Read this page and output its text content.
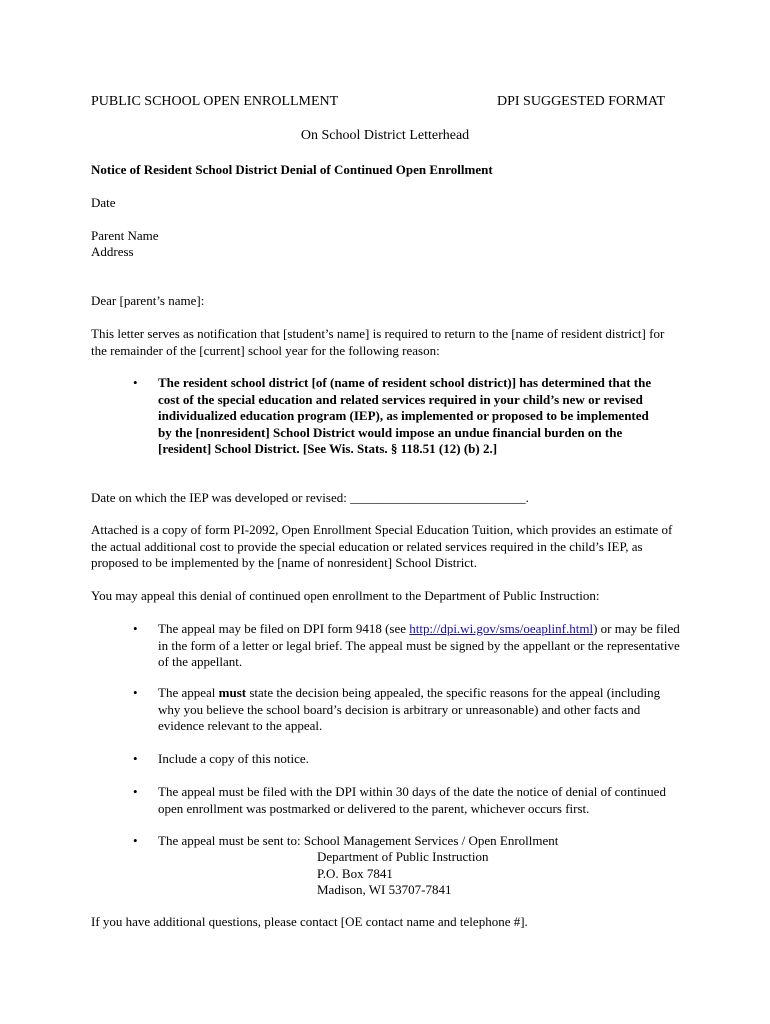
PUBLIC SCHOOL OPEN ENROLLMENT	DPI SUGGESTED FORMAT
On School District Letterhead
Notice of Resident School District Denial of Continued Open Enrollment
Date
Parent Name
Address
Dear [parent’s name]:
This letter serves as notification that [student’s name] is required to return to the [name of resident district] for the remainder of the [current] school year for the following reason:
•	The resident school district [of (name of resident school district)] has determined that the cost of the special education and related services required in your child’s new or revised individualized education program (IEP), as implemented or proposed to be implemented by the [nonresident] School District would impose an undue financial burden on the [resident] School District. [See Wis. Stats. § 118.51 (12) (b) 2.]
Date on which the IEP was developed or revised: ___________________________.
Attached is a copy of form PI-2092, Open Enrollment Special Education Tuition, which provides an estimate of the actual additional cost to provide the special education or related services required in the child’s IEP, as proposed to be implemented by the [name of nonresident] School District.
You may appeal this denial of continued open enrollment to the Department of Public Instruction:
•	The appeal may be filed on DPI form 9418 (see http://dpi.wi.gov/sms/oeaplinf.html) or may be filed in the form of a letter or legal brief. The appeal must be signed by the appellant or the representative of the appellant.
•	The appeal must state the decision being appealed, the specific reasons for the appeal (including why you believe the school board’s decision is arbitrary or unreasonable) and other facts and evidence relevant to the appeal.
•	Include a copy of this notice.
•	The appeal must be filed with the DPI within 30 days of the date the notice of denial of continued open enrollment was postmarked or delivered to the parent, whichever occurs first.
•	The appeal must be sent to: School Management Services / Open Enrollment
Department of Public Instruction
P.O. Box 7841
Madison, WI 53707-7841
If you have additional questions, please contact [OE contact name and telephone #].
